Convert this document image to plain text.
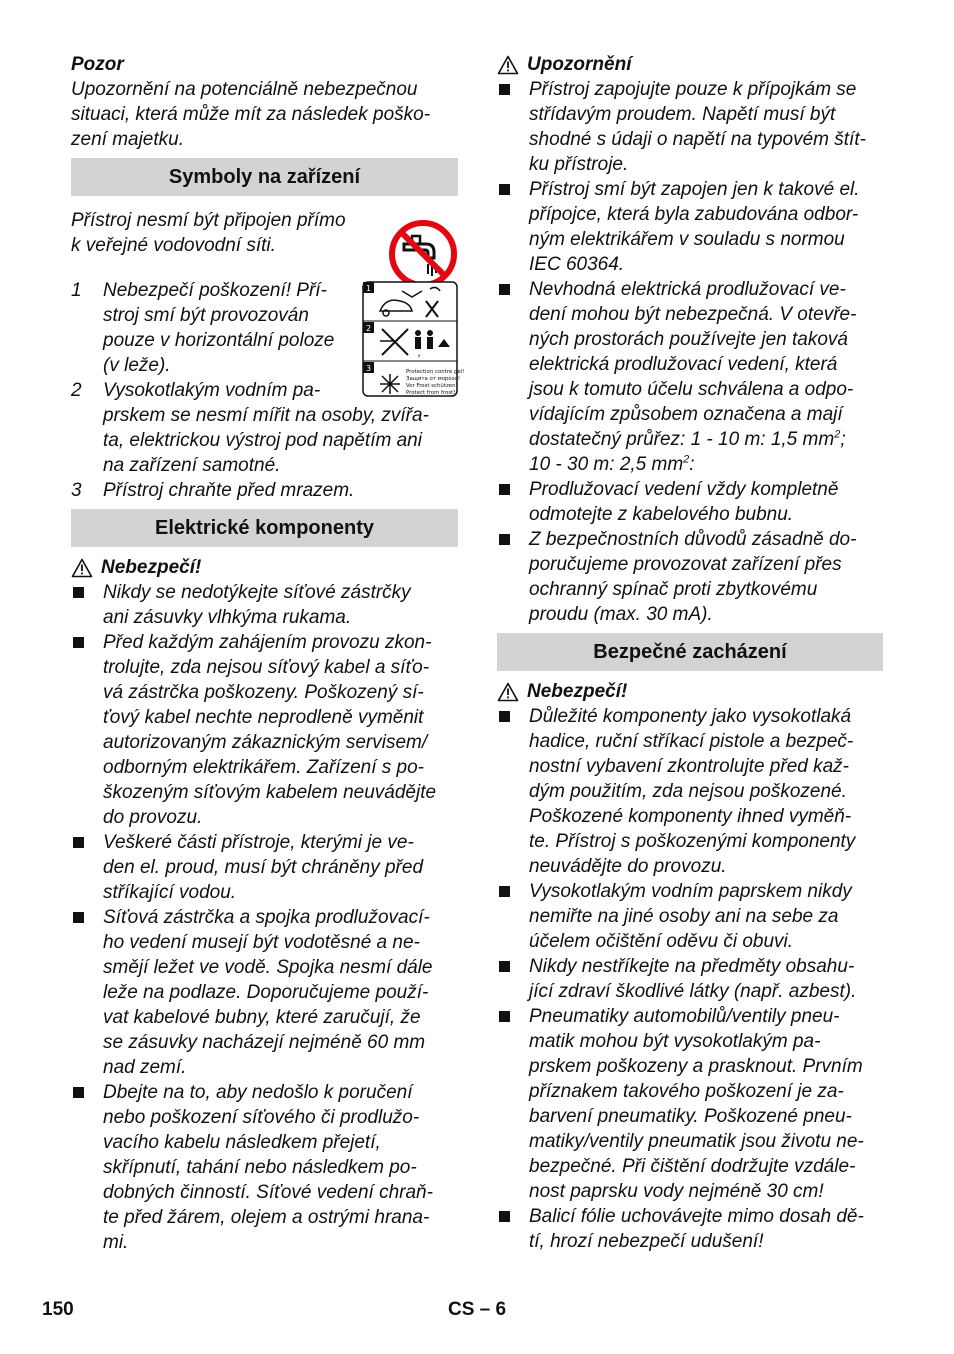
Pozor
Upozornění na potenciálně nebezpečnou
situaci, která může mít za následek poško-
zení majetku.
Symboly na zařízení
Přístroj nesmí být připojen přímo
k veřejné vodovodní síti.
1
2
3
⚡
Protection contre gel!
Защита от мороза!
Vor Frost schützen!
Protect from frost!
1	Nebezpečí poškození! Pří-
stroj smí být provozován
pouze v horizontální poloze
(v leže).
2	Vysokotlakým vodním pa-
prskem se nesmí mířit na osoby, zvíř​a-
ta, elektrickou výstroj pod napětím ani
na zařízení samotné.
3	Přístroj chraňte před mrazem.
Elektrické komponenty
Nebezpečí!
Nikdy se nedotýkejte síťové zástrčky
ani zásuvky vlhkýma rukama.
Před každým zahájením provozu zkon-
trolujte, zda nejsou síťový kabel a síťo-
vá zástrčka poškozeny. Poškozený sí-
ťový kabel nechte neprodleně vyměnit
autorizovaným zákaznickým servisem/
odborným elektrikářem. Zařízení s po-
škozeným síťovým kabelem neuvádějte
do provozu.
Veškeré části přístroje, kterými je ve-
den el. proud, musí být chráněny před
stříkající vodou.
Síťová zástrčka a spojka prodlužovací-
ho vedení musejí být vodotěsné a ne-
smějí ležet ve vodě. Spojka nesmí dále
leže na podlaze. Doporučujeme použí-
vat kabelové bubny, které zaručují, že
se zásuvky nacházejí nejméně 60 mm
nad zemí.
Dbejte na to, aby nedošlo k poručení
nebo poškození síťového či prodlužo-
vacího kabelu následkem přejetí,
skřípnutí, tahání nebo následkem po-
dobných činností. Síťové vedení chraň-
te před žárem, olejem a ostrými hrana-
mi.
Upozornění
Přístroj zapojujte pouze k přípojkám se
střídavým proudem. Napětí musí být
shodné s údaji o napětí na typovém štít-
ku přístroje.
Přístroj smí být zapojen jen k takové el.
přípojce, která byla zabudována odbor-
ným elektrikářem v souladu s normou
IEC 60364.
Nevhodná elektrická prodlužovací ve-
dení mohou být nebezpečná. V otevře-
ných prostorách používejte jen taková
elektrická prodlužovací vedení, která
jsou k tomuto účelu schválena a odpo-
vídajícím způsobem označena a mají
dostatečný průřez: 1 - 10 m: 1,5 $mm^2$;
10 - 30 m: 2,5 $mm^2$:
Prodlužovací vedení vždy kompletně
odmotejte z kabelového bubnu.
Z bezpečnostních důvodů zásadně do-
poručujeme provozovat zařízení přes
ochranný spínač proti zbytkovému
proudu (max. 30 mA).
Bezpečné zacházení
Nebezpečí!
Důležité komponenty jako vysokotlaká
hadice, ruční stříkací pistole a bezpeč-
nostní vybavení zkontrolujte před kaž-
dým použitím, zda nejsou poškozené.
Poškozené komponenty ihned vyměň-
te. Přístroj s poškozenými komponenty
neuvádějte do provozu.
Vysokotlakým vodním paprskem nikdy
nemiřte na jiné osoby ani na sebe za
účelem očištění oděvu či obuvi.
Nikdy nestříkejte na předměty obsahu-
jící zdraví škodlivé látky (např. azbest).
Pneumatiky automobilů/ventily pneu-
matik mohou být vysokotlakým pa-
prskem poškozeny a prasknout. Prvním
příznakem takového poškození je za-
barvení pneumatiky. Poškozené pneu-
matiky/ventily pneumatik jsou životu ne-
bezpečné. Při čištění dodržujte vzdále-
nost paprsku vody nejméně 30 cm!
Balicí fólie uchovávejte mimo dosah dě-
tí, hrozí nebezpečí udušení!
150	CS – 6
